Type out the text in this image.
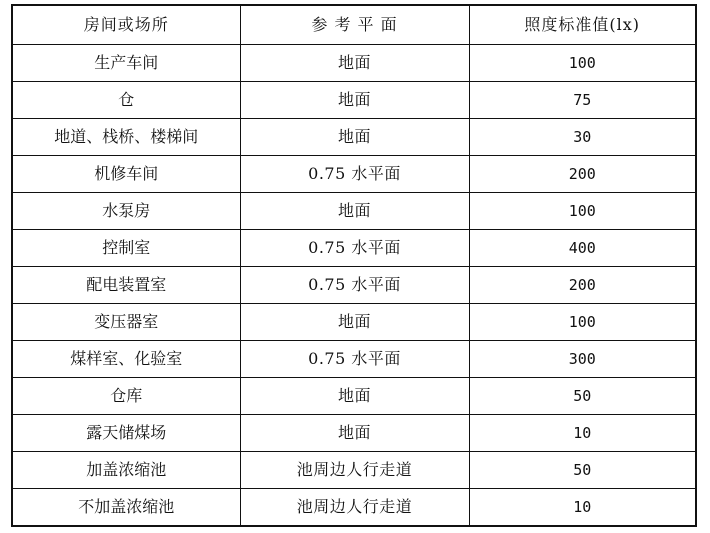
房间或场所	参 考 平 面	照度标准值(lx)
生产车间	地面	100
仓	地面	75
地道、栈桥、楼梯间	地面	30
机修车间	0.75 水平面	200
水泵房	地面	100
控制室	0.75 水平面	400
配电装置室	0.75 水平面	200
变压器室	地面	100
煤样室、化验室	0.75 水平面	300
仓库	地面	50
露天储煤场	地面	10
加盖浓缩池	池周边人行走道	50
不加盖浓缩池	池周边人行走道	10
